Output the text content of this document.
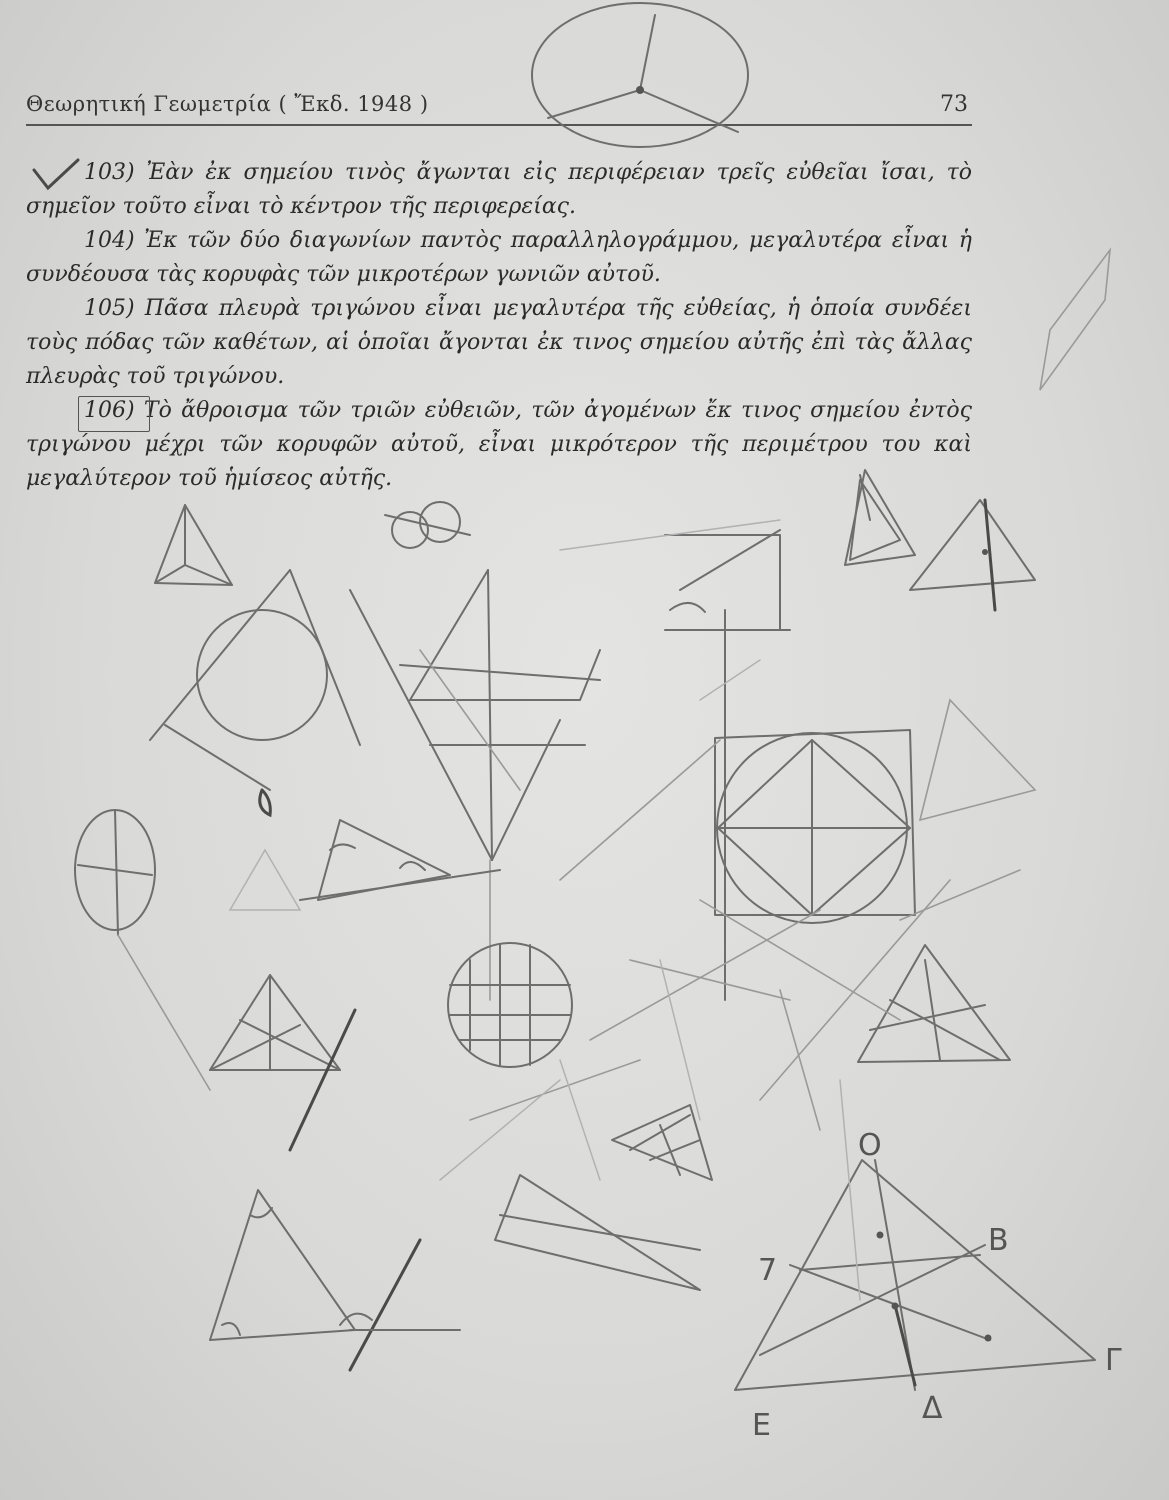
Θεωρητική Γεωμετρία ( Ἔκδ. 1948 )	73

103) Ἐὰν ἐκ σημείου τινὸς ἄγωνται εἰς περιφέρειαν τρεῖς εὐθεῖαι ἴσαι, τὸ σημεῖον τοῦτο εἶναι τὸ κέντρον τῆς περιφερείας.

104) Ἐκ τῶν δύο διαγωνίων παντὸς παραλληλογράμμου, μεγαλυτέρα εἶναι ἡ συνδέουσα τὰς κορυφὰς τῶν μικροτέρων γωνιῶν αὐτοῦ.

105) Πᾶσα πλευρὰ τριγώνου εἶναι μεγαλυτέρα τῆς εὐθείας, ἡ ὁποία συνδέει τοὺς πόδας τῶν καθέτων, αἱ ὁποῖαι ἄγονται ἐκ τινος σημείου αὐτῆς ἐπὶ τὰς ἄλλας πλευρὰς τοῦ τριγώνου.

106) Τὸ ἄθροισμα τῶν τριῶν εὐθειῶν, τῶν ἀγομένων ἔκ τινος σημείου ἐντὸς τριγώνου μέχρι τῶν κορυφῶν αὐτοῦ, εἶναι μικρότερον τῆς περιμέτρου του καὶ μεγαλύτερον τοῦ ἡμίσεος αὐτῆς.

Ο
7
Β
Γ
Ε	Δ
